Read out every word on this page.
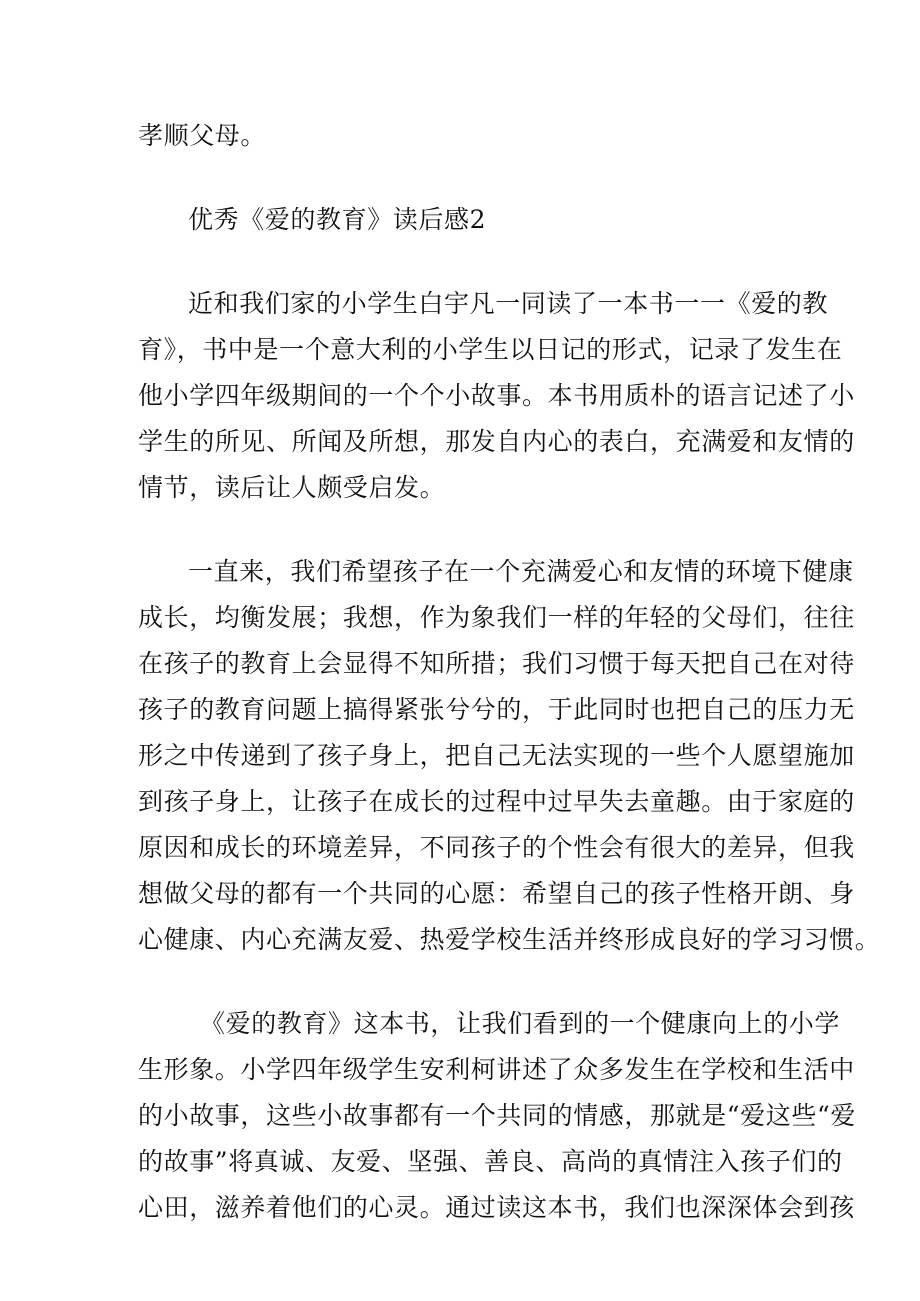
孝顺父母。
优秀《爱的教育》读后感2
近和我们家的小学生白宇凡一同读了一本书一一《爱的教
育》，书中是一个意大利的小学生以日记的形式，记录了发生在
他小学四年级期间的一个个小故事。本书用质朴的语言记述了小
学生的所见、所闻及所想，那发自内心的表白，充满爱和友情的
情节，读后让人颇受启发。
一直来，我们希望孩子在一个充满爱心和友情的环境下健康
成长，均衡发展；我想，作为象我们一样的年轻的父母们，往往
在孩子的教育上会显得不知所措；我们习惯于每天把自己在对待
孩子的教育问题上搞得紧张兮兮的，于此同时也把自己的压力无
形之中传递到了孩子身上，把自己无法实现的一些个人愿望施加
到孩子身上，让孩子在成长的过程中过早失去童趣。由于家庭的
原因和成长的环境差异，不同孩子的个性会有很大的差异，但我
想做父母的都有一个共同的心愿：希望自己的孩子性格开朗、身
心健康、内心充满友爱、热爱学校生活并终形成良好的学习习惯。
《爱的教育》这本书，让我们看到的一个健康向上的小学
生形象。小学四年级学生安利柯讲述了众多发生在学校和生活中
的小故事，这些小故事都有一个共同的情感，那就是“爱这些“爱
的故事”将真诚、友爱、坚强、善良、高尚的真情注入孩子们的
心田，滋养着他们的心灵。通过读这本书，我们也深深体会到孩
